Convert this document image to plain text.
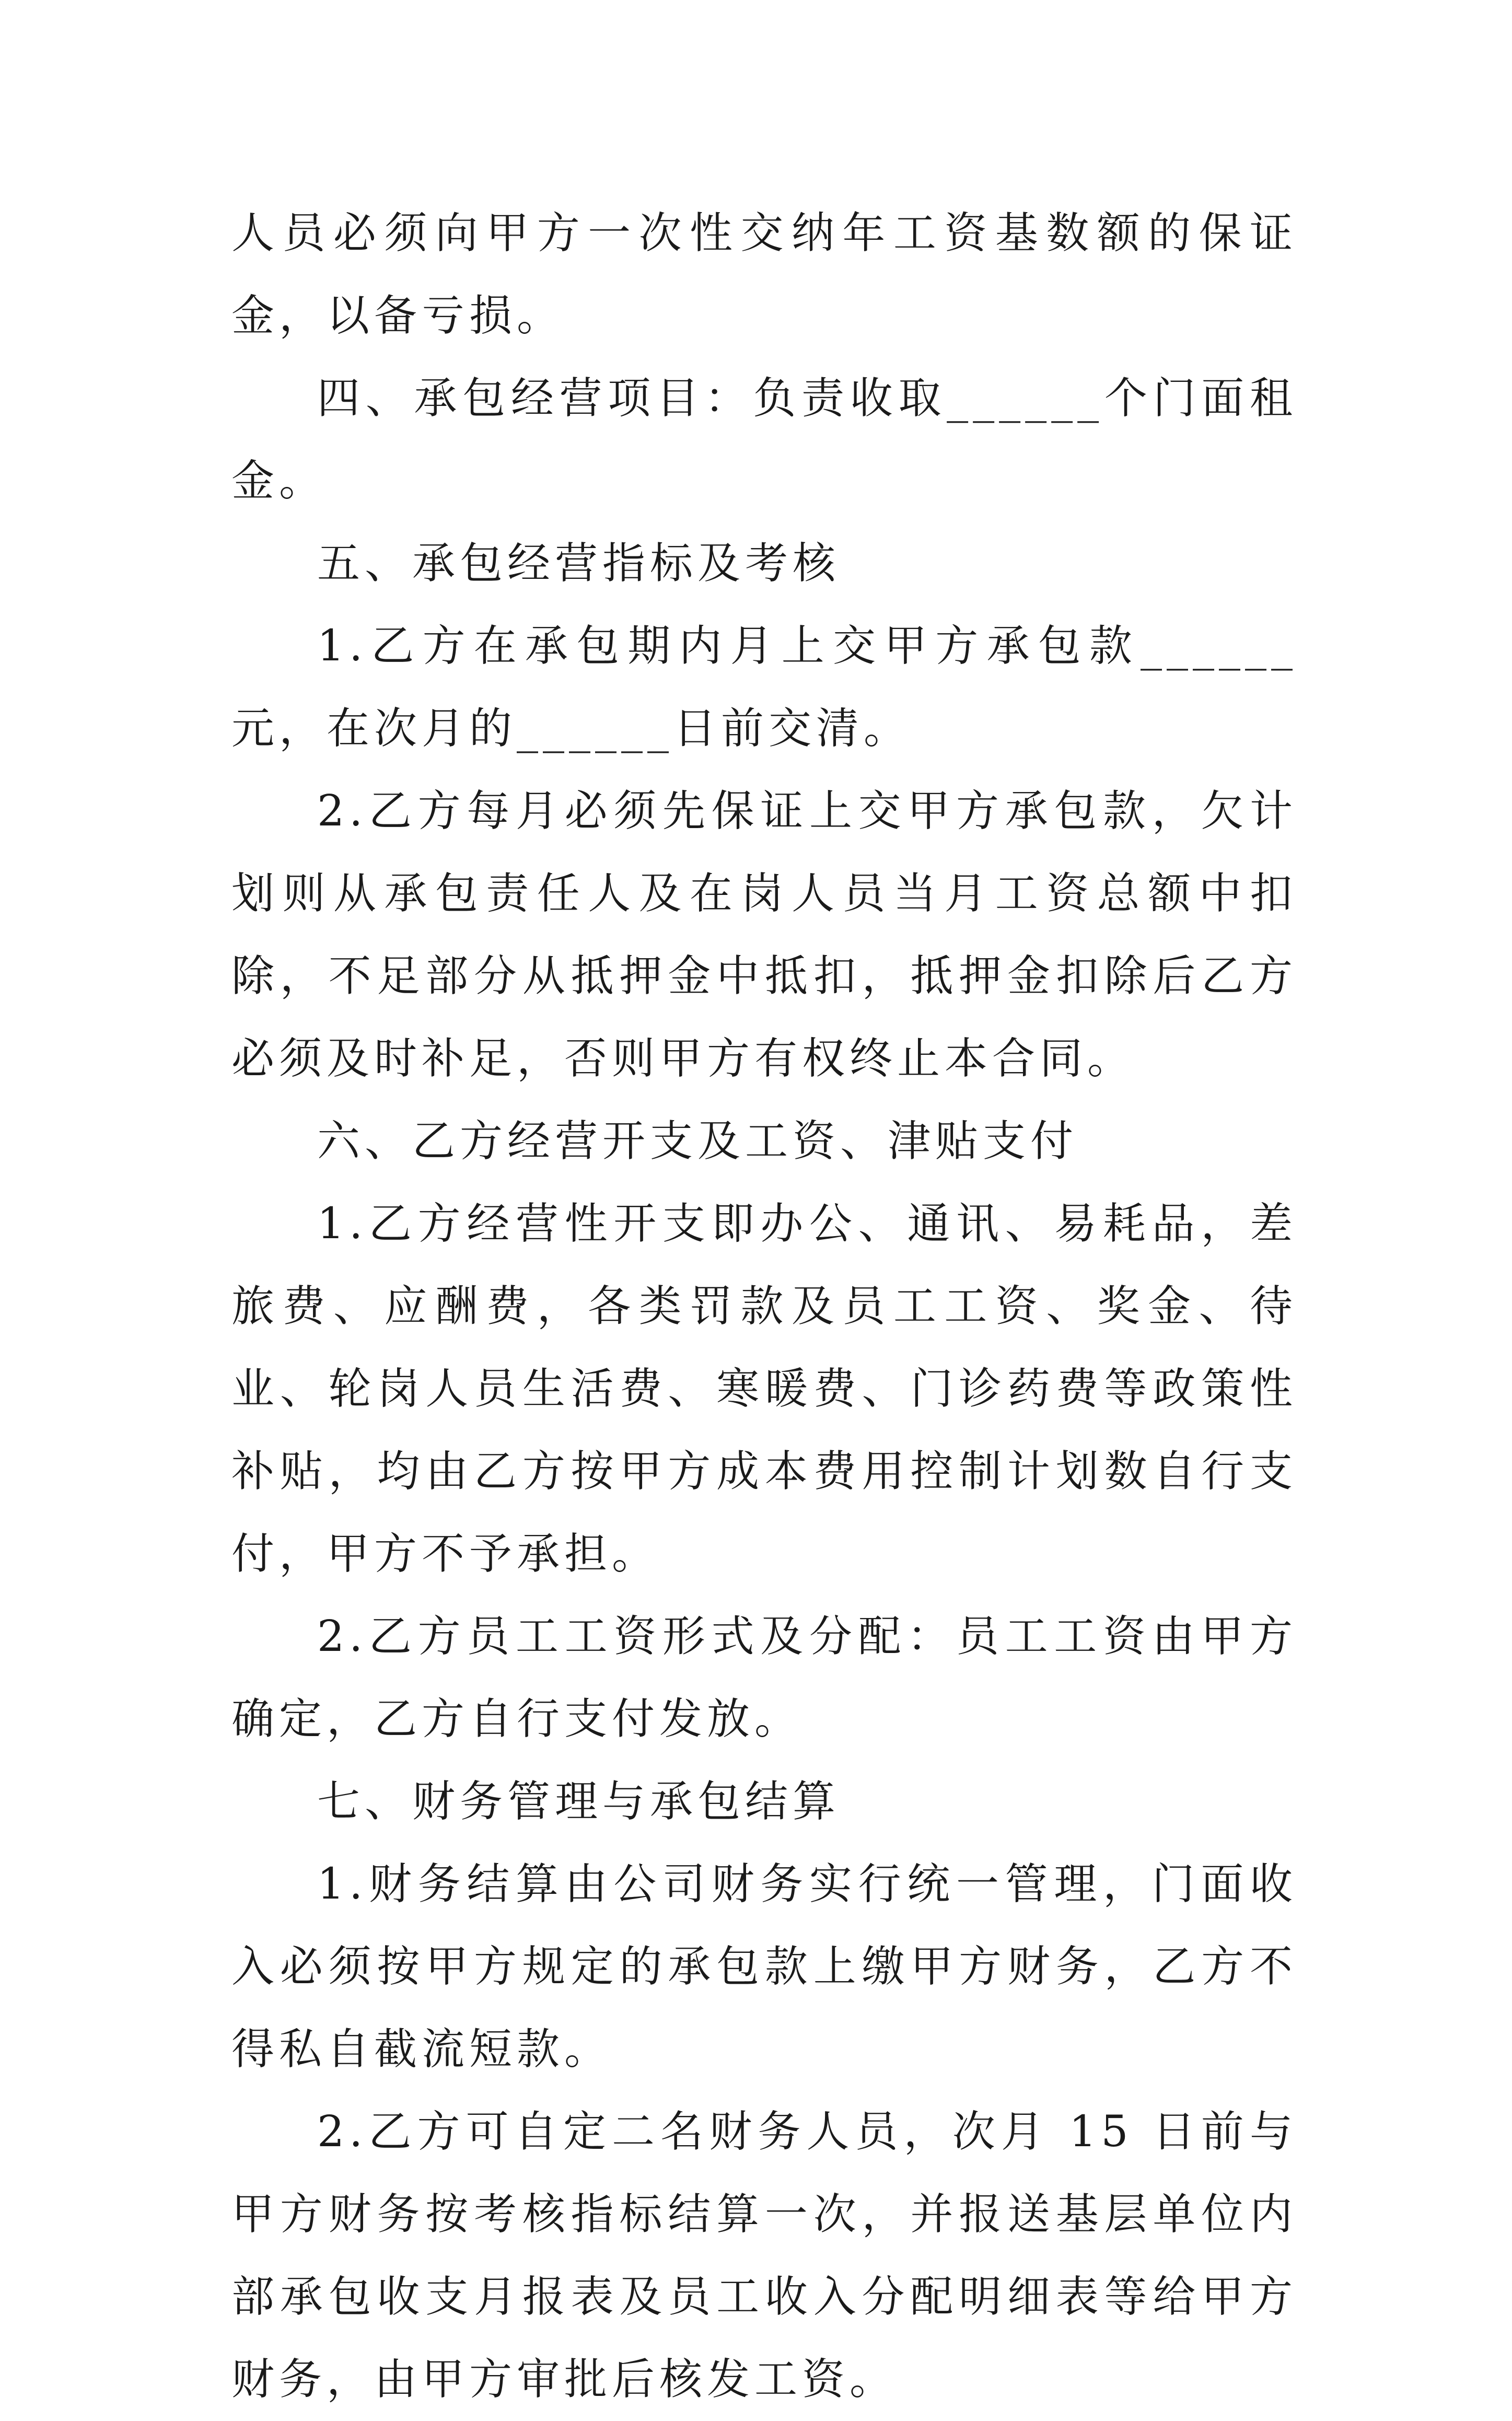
人员必须向甲方一次性交纳年工资基数额的保证金，以备亏损。

四、承包经营项目：负责收取______个门面租金。

五、承包经营指标及考核

1.乙方在承包期内月上交甲方承包款______元，在次月的______日前交清。

2.乙方每月必须先保证上交甲方承包款，欠计划则从承包责任人及在岗人员当月工资总额中扣除，不足部分从抵押金中抵扣，抵押金扣除后乙方必须及时补足，否则甲方有权终止本合同。

六、乙方经营开支及工资、津贴支付

1.乙方经营性开支即办公、通讯、易耗品，差旅费、应酬费，各类罚款及员工工资、奖金、待业、轮岗人员生活费、寒暖费、门诊药费等政策性补贴，均由乙方按甲方成本费用控制计划数自行支付，甲方不予承担。

2.乙方员工工资形式及分配：员工工资由甲方确定，乙方自行支付发放。

七、财务管理与承包结算

1.财务结算由公司财务实行统一管理，门面收入必须按甲方规定的承包款上缴甲方财务，乙方不得私自截流短款。

2.乙方可自定二名财务人员，次月 15 日前与甲方财务按考核指标结算一次，并报送基层单位内部承包收支月报表及员工收入分配明细表等给甲方财务，由甲方审批后核发工资。
